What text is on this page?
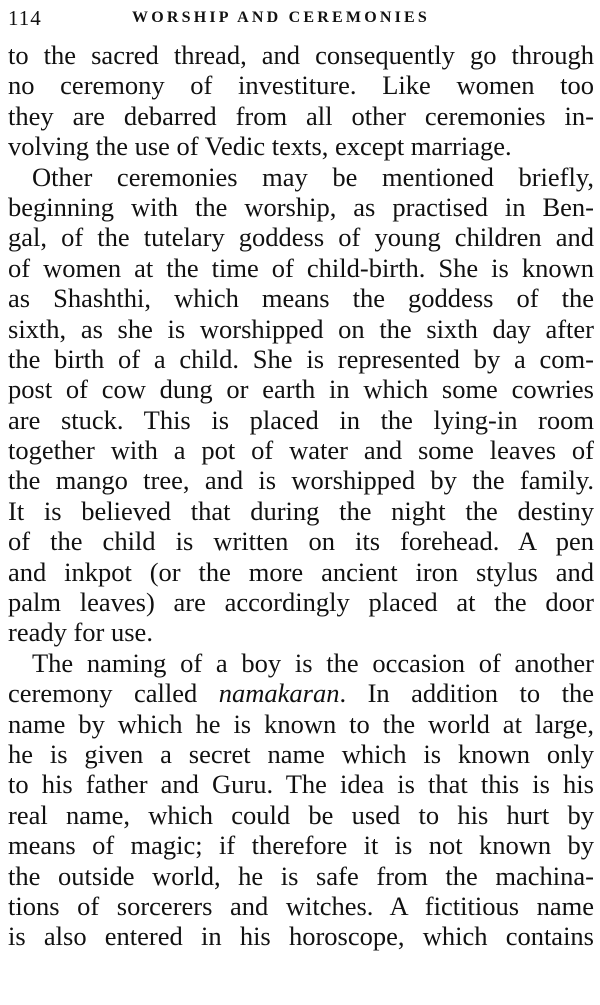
114	WORSHIP AND CEREMONIES
to the sacred thread, and consequently go through
no ceremony of investiture. Like women too
they are debarred from all other ceremonies in-
volving the use of Vedic texts, except marriage.
Other ceremonies may be mentioned briefly,
beginning with the worship, as practised in Ben-
gal, of the tutelary goddess of young children and
of women at the time of child-birth. She is known
as Shashthi, which means the goddess of the
sixth, as she is worshipped on the sixth day after
the birth of a child. She is represented by a com-
post of cow dung or earth in which some cowries
are stuck. This is placed in the lying-in room
together with a pot of water and some leaves of
the mango tree, and is worshipped by the family.
It is believed that during the night the destiny
of the child is written on its forehead. A pen
and inkpot (or the more ancient iron stylus and
palm leaves) are accordingly placed at the door
ready for use.
The naming of a boy is the occasion of another
ceremony called namakaran. In addition to the
name by which he is known to the world at large,
he is given a secret name which is known only
to his father and Guru. The idea is that this is his
real name, which could be used to his hurt by
means of magic; if therefore it is not known by
the outside world, he is safe from the machina-
tions of sorcerers and witches. A fictitious name
is also entered in his horoscope, which contains
